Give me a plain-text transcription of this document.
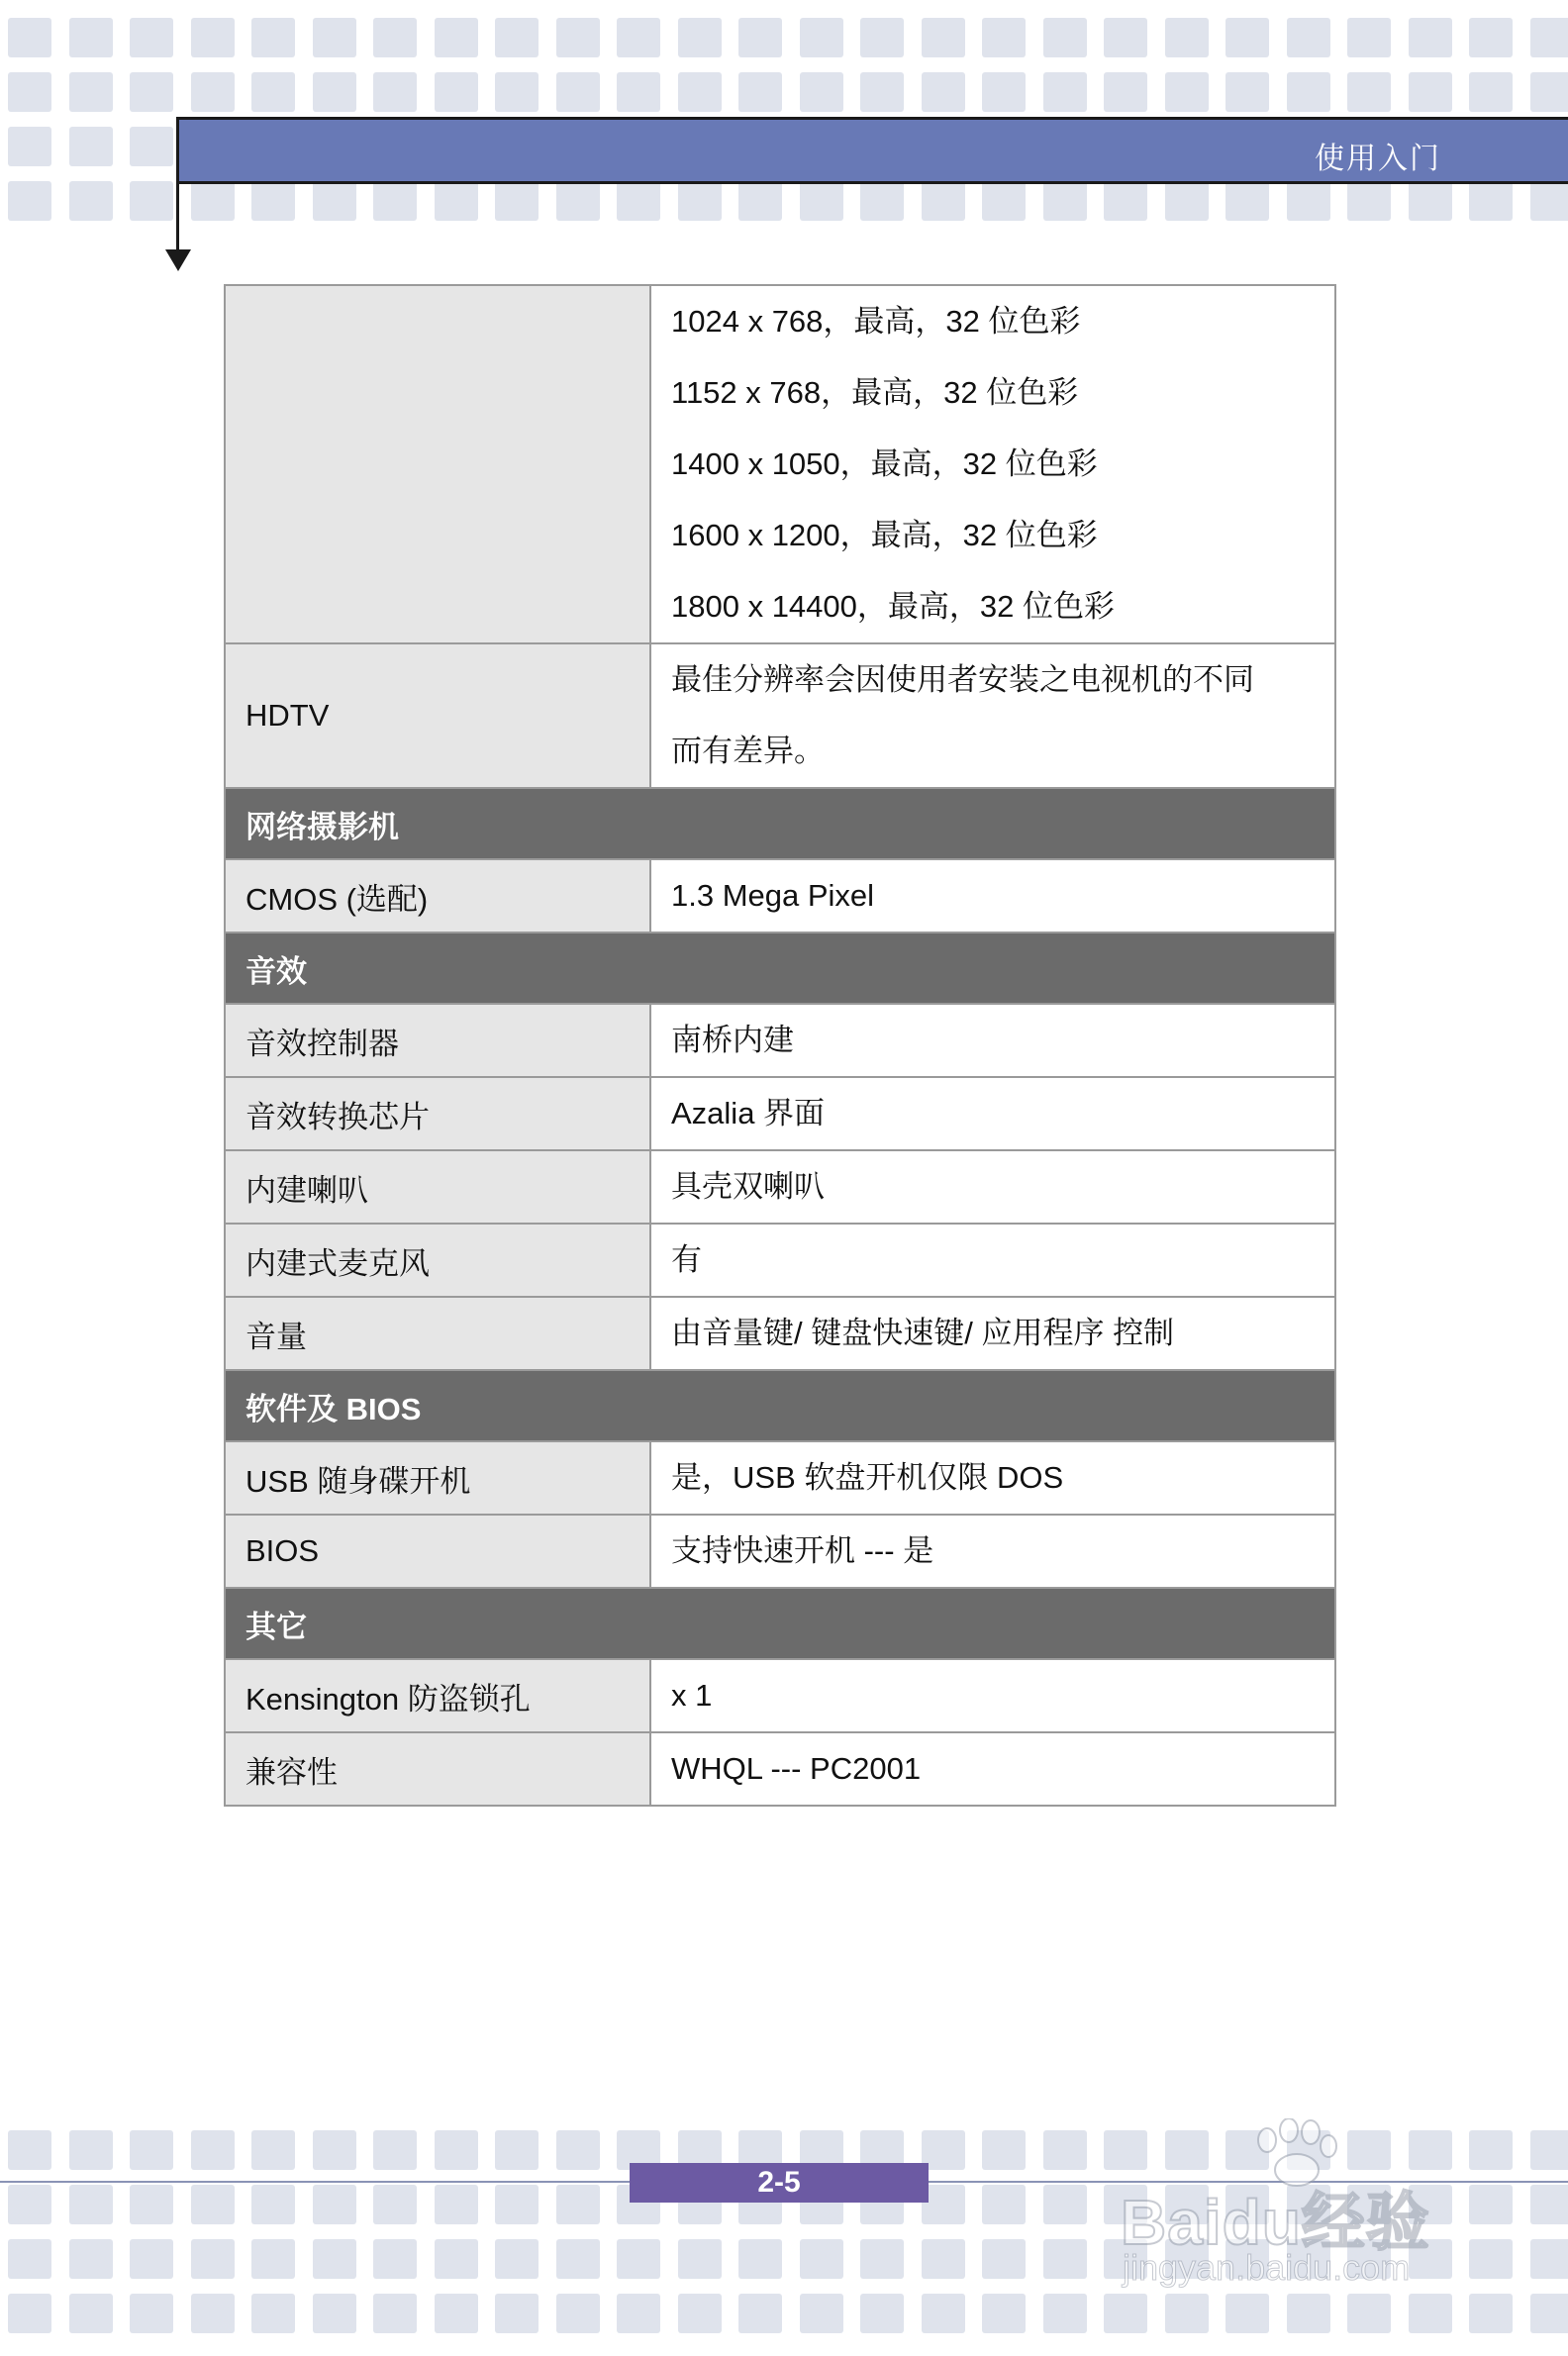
使用入门

	1024 x 768，最高，32 位色彩
1152 x 768，最高，32 位色彩
1400 x 1050，最高，32 位色彩
1600 x 1200，最高，32 位色彩
1800 x 14400，最高，32 位色彩

HDTV	最佳分辨率会因使用者安装之电视机的不同
而有差异。

网络摄影机	
CMOS (选配)	1.3 Mega Pixel

音效	
音效控制器	南桥内建

音效转换芯片	Azalia 界面

内建喇叭	具壳双喇叭

内建式麦克风	有

音量	由音量键/ 键盘快速键/ 应用程序 控制

软件及 BIOS	
USB 随身碟开机	是，USB 软盘开机仅限 DOS

BIOS	支持快速开机 --- 是

其它	
Kensington 防盗锁孔	x 1

兼容性	WHQL --- PC2001
2-5
Baidu经验
jingyan.baidu.com
